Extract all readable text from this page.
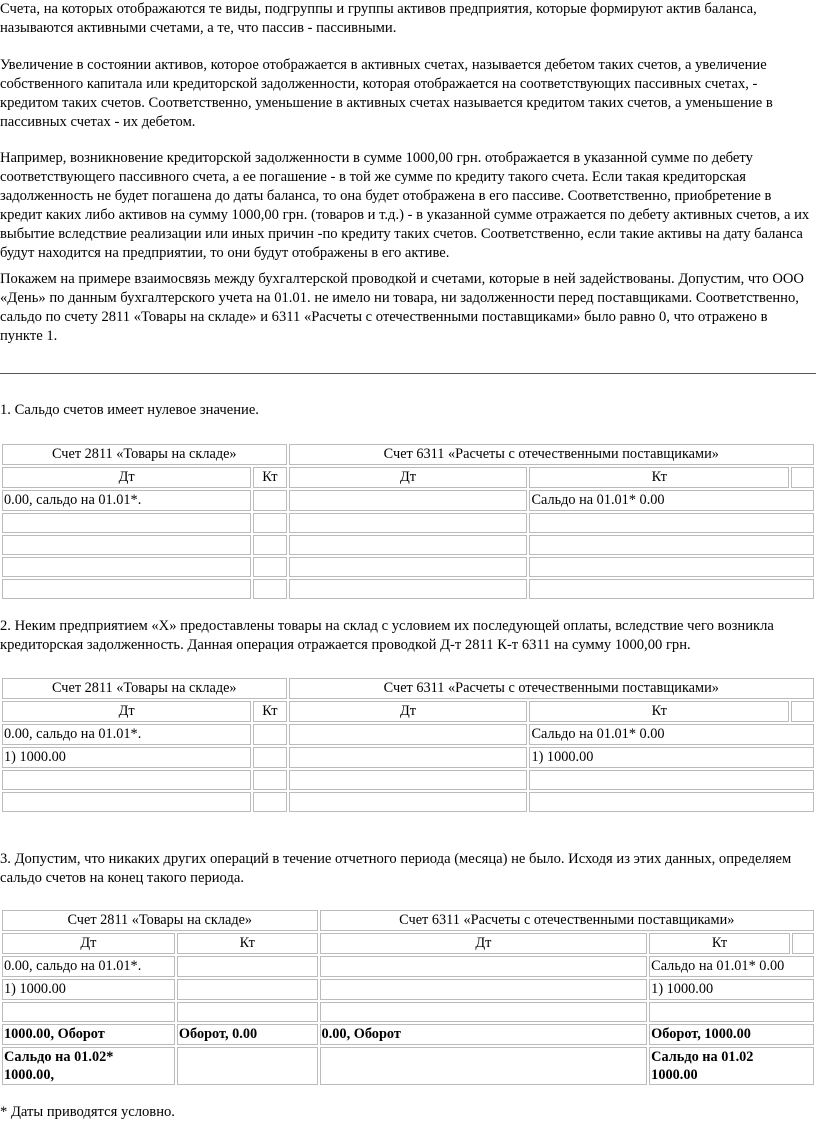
Счета, на которых отображаются те виды, подгруппы и группы активов предприятия, которые формируют актив баланса, называются активными счетами, а те, что пассив - пассивными.

Увеличение в состоянии активов, которое отображается в активных счетах, называется дебетом таких счетов, а увеличение собственного капитала или кредиторской задолженности, которая отображается на соответствующих пассивных счетах, - кредитом таких счетов. Соответственно, уменьшение в активных счетах называется кредитом таких счетов, а уменьшение в пассивных счетах - их дебетом.

Например, возникновение кредиторской задолженности в сумме 1000,00 грн. отображается в указанной сумме по дебету соответствующего пассивного счета, а ее погашение - в той же сумме по кредиту такого счета. Если такая кредиторская задолженность не будет погашена до даты баланса, то она будет отображена в его пассиве. Соответственно, приобретение в кредит каких либо активов на сумму 1000,00 грн. (товаров и т.д.) - в указанной сумме отражается по дебету активных счетов, а их выбытие вследствие реализации или иных причин -по кредиту таких счетов. Соответственно, если такие активы на дату баланса будут находится на предприятии, то они будут отображены в его активе.

Покажем на примере взаимосвязь между бухгалтерской проводкой и счетами, которые в ней задействованы. Допустим, что ООО «День» по данным бухгалтерского учета на 01.01. не имело ни товара, ни задолженности перед поставщиками. Соответственно, сальдо по счету 2811 «Товары на складе» и 6311 «Расчеты с отечественными поставщиками» было равно 0, что отражено в пункте 1.

1. Сальдо счетов имеет нулевое значение.

Счет 2811 «Товары на складе»		Счет 6311 «Расчеты с отечественными поставщиками»		
Дт	Кт	Дт	Кт	
0.00, сальдо на 01.01*.			Сальдо на 01.01* 0.00	

2. Неким предприятием «Х» предоставлены товары на склад с условием их последующей оплаты, вследствие чего возникла кредиторская задолженность. Данная операция отражается проводкой Д-т 2811 К-т 6311 на сумму 1000,00 грн.

Счет 2811 «Товары на складе»		Счет 6311 «Расчеты с отечественными поставщиками»		
Дт	Кт	Дт	Кт	
0.00, сальдо на 01.01*.			Сальдо на 01.01* 0.00	
1) 1000.00			1) 1000.00	

3. Допустим, что никаких других операций в течение отчетного периода (месяца) не было. Исходя из этих данных, определяем сальдо счетов на конец такого периода.

Счет 2811 «Товары на складе»		Счет 6311 «Расчеты с отечественными поставщиками»		
Дт	Кт	Дт	Кт	
0.00, сальдо на 01.01*.			Сальдо на 01.01* 0.00	
1) 1000.00			1) 1000.00	

1000.00, Оборот	Оборот, 0.00	0.00, Оборот	Оборот, 1000.00	
Сальдо на 01.02*
1000.00,			Сальдо на 01.02
1000.00	

* Даты приводятся условно.
